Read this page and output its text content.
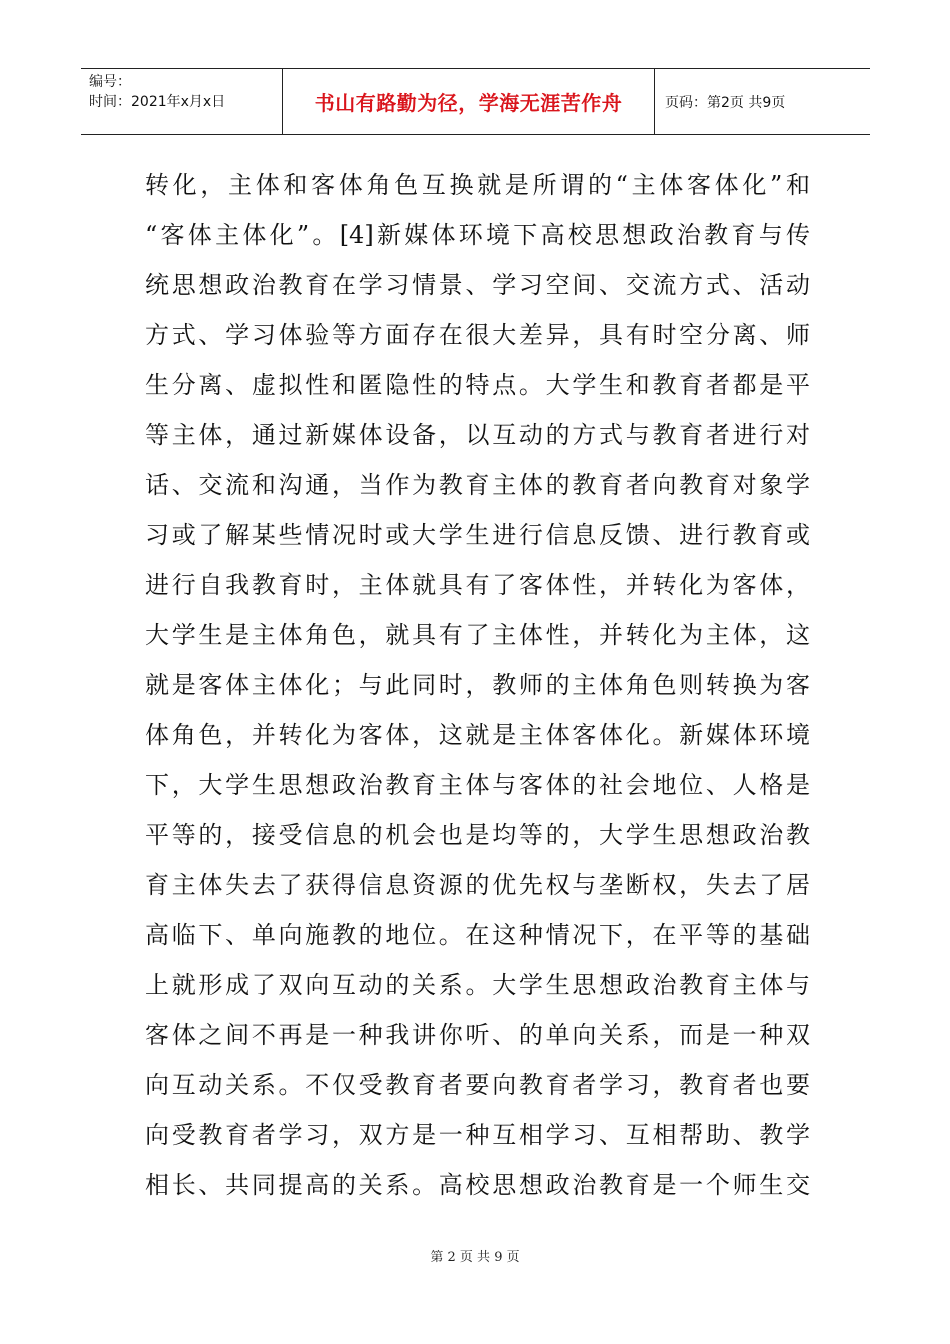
编号：
时间：2021年x月x日	书山有路勤为径，学海无涯苦作舟	页码：第2页 共9页
转化，主体和客体角色互换就是所谓的“主体客体化”和
“客体主体化”。[4]新媒体环境下高校思想政治教育与传
统思想政治教育在学习情景、学习空间、交流方式、活动
方式、学习体验等方面存在很大差异，具有时空分离、师
生分离、虚拟性和匿隐性的特点。大学生和教育者都是平
等主体，通过新媒体设备，以互动的方式与教育者进行对
话、交流和沟通，当作为教育主体的教育者向教育对象学
习或了解某些情况时或大学生进行信息反馈、进行教育或
进行自我教育时，主体就具有了客体性，并转化为客体，
大学生是主体角色，就具有了主体性，并转化为主体，这
就是客体主体化；与此同时，教师的主体角色则转换为客
体角色，并转化为客体，这就是主体客体化。新媒体环境
下，大学生思想政治教育主体与客体的社会地位、人格是
平等的，接受信息的机会也是均等的，大学生思想政治教
育主体失去了获得信息资源的优先权与垄断权，失去了居
高临下、单向施教的地位。在这种情况下，在平等的基础
上就形成了双向互动的关系。大学生思想政治教育主体与
客体之间不再是一种我讲你听、的单向关系，而是一种双
向互动关系。不仅受教育者要向教育者学习，教育者也要
向受教育者学习，双方是一种互相学习、互相帮助、教学
相长、共同提高的关系。高校思想政治教育是一个师生交
第 2 页 共 9 页
